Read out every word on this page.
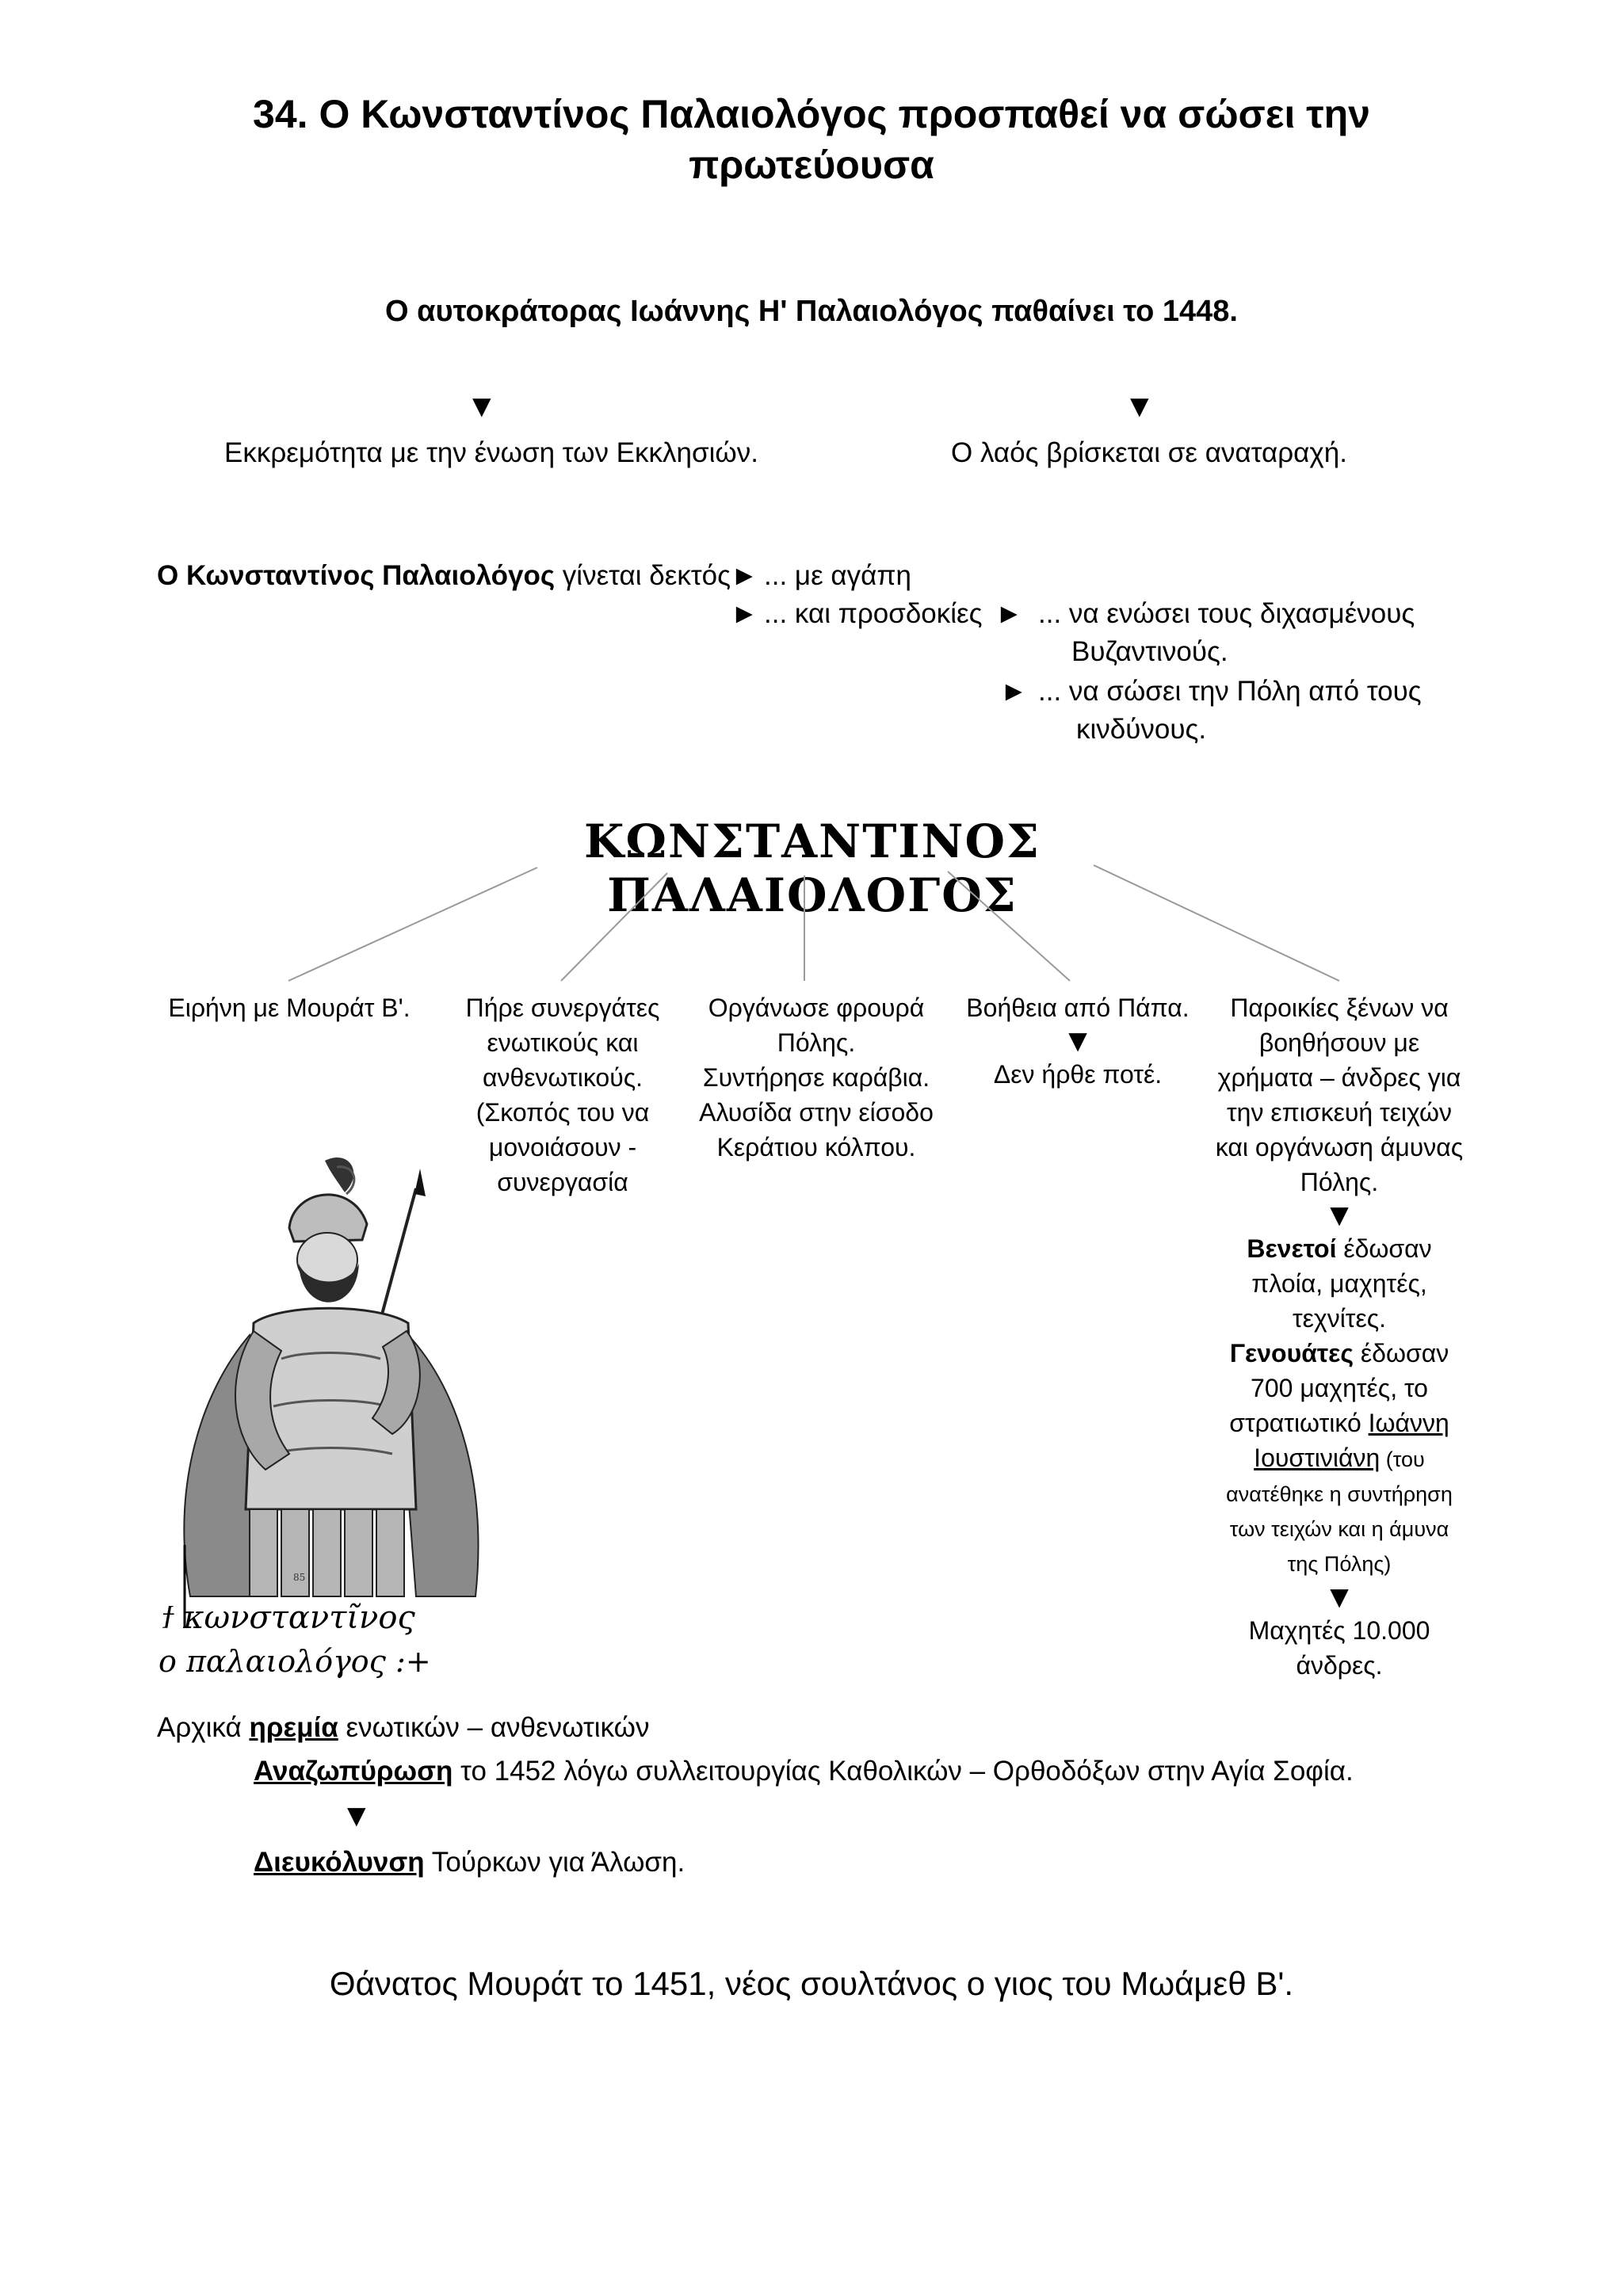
34. Ο Κωνσταντίνος Παλαιολόγος προσπαθεί να σώσει την
πρωτεύουσα
Ο αυτοκράτορας Ιωάννης Η' Παλαιολόγος παθαίνει το 1448.
▼	▼
Εκκρεμότητα με την ένωση των Εκκλησιών.	Ο λαός βρίσκεται σε αναταραχή.
Ο Κωνσταντίνος Παλαιολόγος γίνεται δεκτός ► ... με αγάπη
► ... και προσδοκίες ► ... να ενώσει τους διχασμένους
Βυζαντινούς.
► ... να σώσει την Πόλη από τους
κινδύνους.
ΚΩΝΣΤΑΝΤΙΝΟΣ ΠΑΛΑΙΟΛΟΓΟΣ
Ειρήνη με Μουράτ Β'.	Πήρε συνεργάτες
ενωτικούς και
ανθενωτικούς.
(Σκοπός του να
μονοιάσουν -
συνεργασία
Οργάνωσε φρουρά
Πόλης.
Συντήρησε καράβια.
Αλυσίδα στην είσοδο
Κεράτιου κόλπου.
Βοήθεια από Πάπα.
▼
Δεν ήρθε ποτέ.
Παροικίες ξένων να
βοηθήσουν με
χρήματα – άνδρες για
την επισκευή τειχών
και οργάνωση άμυνας
Πόλης.
▼
Βενετοί έδωσαν
πλοία, μαχητές,
τεχνίτες.
Γενουάτες έδωσαν
700 μαχητές, το
στρατιωτικό Ιωάννη
Ιουστινιάνη (του
ανατέθηκε η συντήρηση
των τειχών και η άμυνα
της Πόλης)
▼
Μαχητές 10.000
άνδρες.
85
ϯ κωνσταντῖνος
ο παλαιολόγος :+
Αρχικά ηρεμία ενωτικών – ανθενωτικών
Αναζωπύρωση το 1452 λόγω συλλειτουργίας Καθολικών – Ορθοδόξων στην Αγία Σοφία.
▼
Διευκόλυνση Τούρκων για Άλωση.
Θάνατος Μουράτ το 1451, νέος σουλτάνος ο γιος του Μωάμεθ Β'.
